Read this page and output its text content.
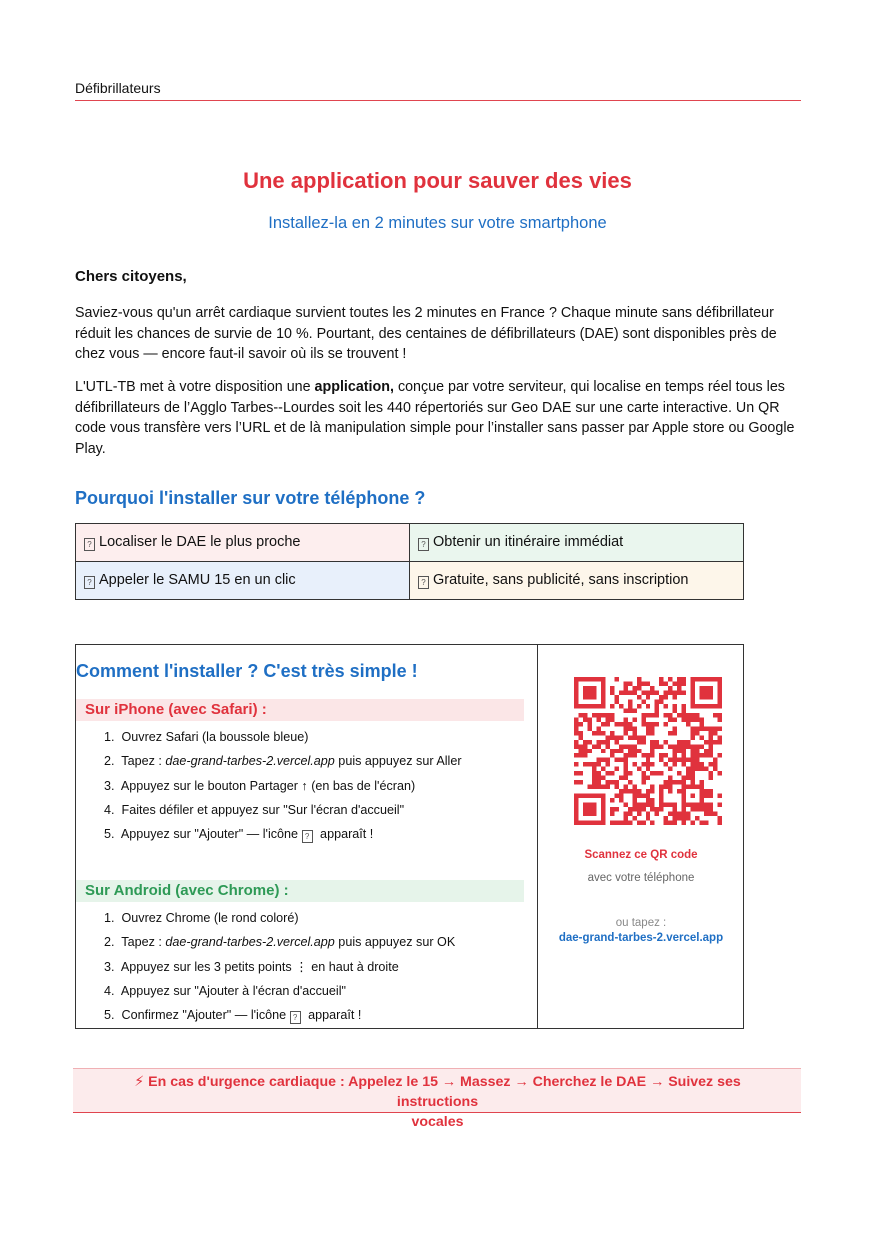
Défibrillateurs
Une application pour sauver des vies
Installez-la en 2 minutes sur votre smartphone
Chers citoyens,
Saviez-vous qu'un arrêt cardiaque survient toutes les 2 minutes en France ? Chaque minute sans défibrillateur réduit les chances de survie de 10 %. Pourtant, des centaines de défibrillateurs (DAE) sont disponibles près de chez vous — encore faut-il savoir où ils se trouvent !
L'UTL-TB met à votre disposition une application, conçue par votre serviteur, qui localise en temps réel tous les défibrillateurs de l’Agglo Tarbes--Lourdes soit les 440 répertoriés sur Geo DAE sur une carte interactive. Un QR code vous transfère vers l’URL et de là manipulation simple pour l’installer sans passer par Apple store ou Google Play.
Pourquoi l'installer sur votre téléphone ?
? Localiser le DAE le plus proche	? Obtenir un itinéraire immédiat
? Appeler le SAMU 15 en un clic	? Gratuite, sans publicité, sans inscription
Comment l'installer ? C'est très simple !
Sur iPhone (avec Safari) :
1. Ouvrez Safari (la boussole bleue)
2. Tapez : dae-grand-tarbes-2.vercel.app puis appuyez sur Aller
3. Appuyez sur le bouton Partager ↑ (en bas de l'écran)
4. Faites défiler et appuyez sur "Sur l'écran d'accueil"
5. Appuyez sur "Ajouter" — l'icône ? apparaît !
Sur Android (avec Chrome) :
1. Ouvrez Chrome (le rond coloré)
2. Tapez : dae-grand-tarbes-2.vercel.app puis appuyez sur OK
3. Appuyez sur les 3 petits points ⋮ en haut à droite
4. Appuyez sur "Ajouter à l'écran d'accueil"
5. Confirmez "Ajouter" — l'icône ? apparaît !
Scannez ce QR code
avec votre téléphone
ou tapez :
dae-grand-tarbes-2.vercel.app
⚡ En cas d'urgence cardiaque : Appelez le 15 → Massez → Cherchez le DAE → Suivez ses instructions
vocales
